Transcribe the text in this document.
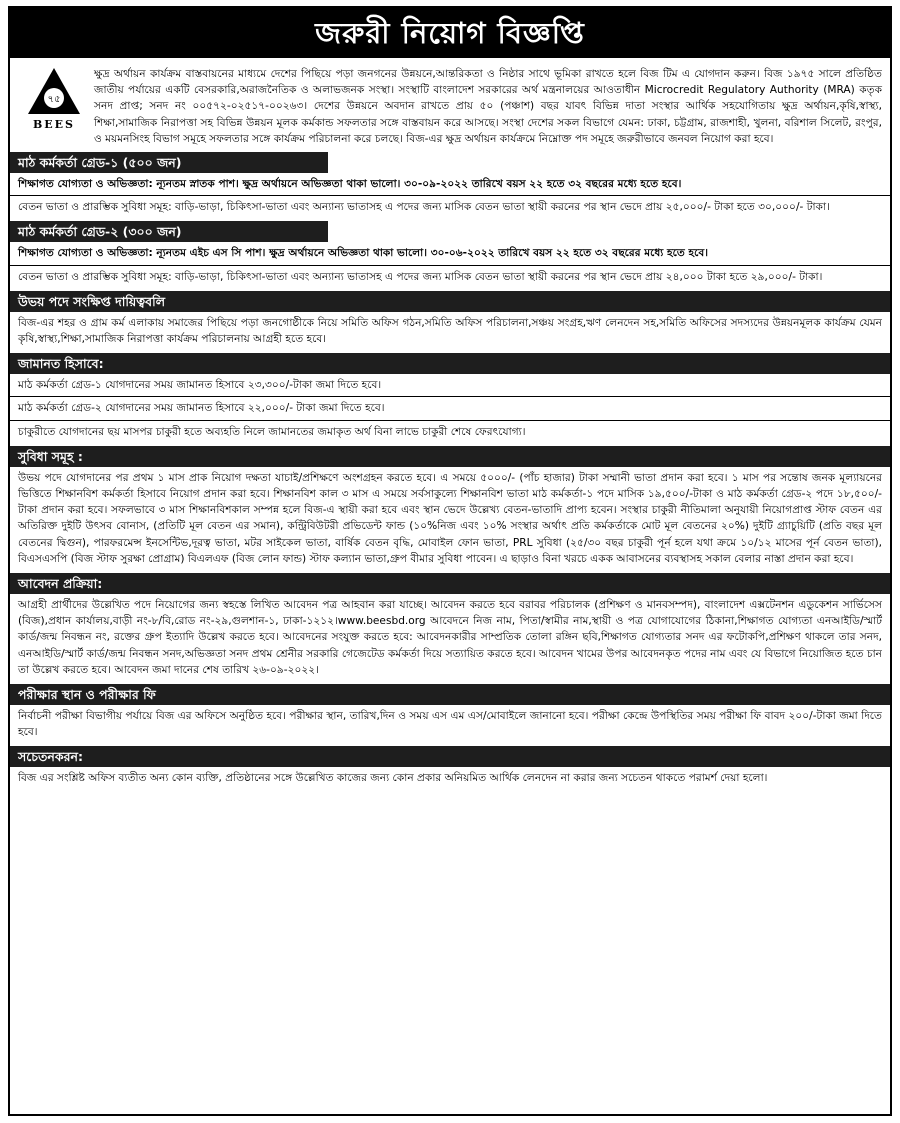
জরুরী নিয়োগ বিজ্ঞপ্তি
৭৫
BEES
ক্ষুদ্র অর্থায়ন কার্যক্রম বাস্তবায়নের মাধ্যমে দেশের পিছিয়ে পড়া জনগনের উন্নয়নে,আন্তরিকতা ও নিষ্ঠার সাথে ভূমিকা রাখতে হলে বিজ টিম এ যোগদান করুন। বিজ ১৯৭৫ সালে প্রতিষ্ঠিত জাতীয় পর্যায়ের একটি বেসরকারি,অরাজনৈতিক ও অলাভজনক সংস্থা। সংস্থাটি বাংলাদেশ সরকারের অর্থ মন্ত্রনালয়ের আওতাধীন Microcredit Regulatory Authority (MRA) কতৃক সনদ প্রাপ্ত; সনদ নং ০০৫৭২-০২৫১৭-০০২৬৩। দেশের উন্নয়নে অবদান রাখতে প্রায় ৫০ (পঞ্চাশ) বছর যাবৎ বিভিন্ন দাতা সংস্থার আর্থিক সহযোগিতায় ক্ষুদ্র অর্থায়ন,কৃষি,স্বাস্থ্য, শিক্ষা,সামাজিক নিরাপত্তা সহ বিভিন্ন উন্নয়ন মূলক কর্মকান্ড সফলতার সঙ্গে বাস্তবায়ন করে আসছে। সংস্থা দেশের সকল বিভাগে যেমন: ঢাকা, চট্টগ্রাম, রাজশাহী, খুলনা, বরিশাল সিলেট, রংপুর, ও ময়মনসিংহ বিভাগ সমূহে সফলতার সঙ্গে কার্যক্রম পরিচালনা করে চলছে। বিজ-এর ক্ষুদ্র অর্থায়ন কার্যক্রমে নিম্নোক্ত পদ সমূহে জরুরীভাবে জনবল নিয়োগ করা হবে।
মাঠ কর্মকর্তা গ্রেড-১ (৫০০ জন)
শিক্ষাগত যোগ্যতা ও অভিজ্ঞতা: ন্যূনতম স্নাতক পাশ। ক্ষুদ্র অর্থায়নে অভিজ্ঞতা থাকা ভালো। ৩০-০৯-২০২২ তারিখে বয়স ২২ হতে ৩২ বছরের মধ্যে হতে হবে।
বেতন ভাতা ও প্রারম্ভিক সুবিধা সমূহ: বাড়ি-ভাড়া, চিকিৎসা-ভাতা এবং অন্যান্য ভাতাসহ এ পদের জন্য মাসিক বেতন ভাতা স্থায়ী করনের পর স্থান ভেদে প্রায় ২৫,০০০/- টাকা হতে ৩০,০০০/- টাকা।
মাঠ কর্মকর্তা গ্রেড-২ (৩০০ জন)
শিক্ষাগত যোগ্যতা ও অভিজ্ঞতা: ন্যূনতম এইচ এস সি পাশ। ক্ষুদ্র অর্থায়নে অভিজ্ঞতা থাকা ভালো। ৩০-০৬-২০২২ তারিখে বয়স ২২ হতে ৩২ বছরের মধ্যে হতে হবে।
বেতন ভাতা ও প্রারম্ভিক সুবিধা সমূহ: বাড়ি-ভাড়া, চিকিৎসা-ভাতা এবং অন্যান্য ভাতাসহ এ পদের জন্য মাসিক বেতন ভাতা স্থায়ী করনের পর স্থান ভেদে প্রায় ২৪,০০০ টাকা হতে ২৯,০০০/- টাকা।
উভয় পদে সংক্ষিপ্ত দায়িত্ববলি
বিজ-এর শহর ও গ্রাম কর্ম এলাকায় সমাজের পিছিয়ে পড়া জনগোষ্ঠীকে নিয়ে সমিতি অফিস গঠন,সমিতি অফিস পরিচালনা,সঞ্চয় সংগ্রহ,ঋণ লেনদেন সহ,সমিতি অফিসের সদস্যদের উন্নয়নমূলক কার্যক্রম যেমন কৃষি,স্বাস্থ্য,শিক্ষা,সামাজিক নিরাপত্তা কার্যক্রম পরিচালনায় আগ্রহী হতে হবে।
জামানত হিসাবে:
মাঠ কর্মকর্তা গ্রেড-১ যোগদানের সময় জামানত হিসাবে ২৩,৩০০/-টাকা জমা দিতে হবে।
মাঠ কর্মকর্তা গ্রেড-২ যোগদানের সময় জামানত হিসাবে ২২,০০০/- টাকা জমা দিতে হবে।
চাকুরীতে যোগদানের ছয় মাসপর চাকুরী হতে অব্যহতি নিলে জামানতের জমাকৃত অর্থ বিনা লাভে চাকুরী শেষে ফেরৎযোগ্য।
সুবিধা সমূহ :
উভয় পদে যোগদানের পর প্রথম ১ মাস প্রাক নিয়োগ দক্ষতা যাচাই/প্রশিক্ষণে অংশগ্রহন করতে হবে। এ সময়ে ৫০০০/- (পাঁচ হাজার) টাকা সম্মানী ভাতা প্রদান করা হবে। ১ মাস পর সন্তোষ জনক মূল্যায়নের ভিত্তিতে শিক্ষানবিশ কর্মকর্তা হিসাবে নিয়োগ প্রদান করা হবে। শিক্ষানবিশ কাল ৩ মাস এ সময়ে সর্বসাকুল্যে শিক্ষানবিশ ভাতা মাঠ কর্মকর্তা-১ পদে মাসিক ১৯,৫০০/-টাকা ও মাঠ কর্মকর্তা গ্রেড-২ পদে ১৮,৫০০/- টাকা প্রদান করা হবে। সফলভাবে ৩ মাস শিক্ষানবিশকাল সম্পন্ন হলে বিজ-এ স্থায়ী করা হবে এবং স্থান ভেদে উল্লেখ্য বেতন-ভাতাদি প্রাপ্য হবেন। সংস্থার চাকুরী নীতিমালা অনুযায়ী নিয়োগপ্রাপ্ত স্টাফ বেতন এর অতিরিক্ত দুইটি উৎসব বোনাস, (প্রতিটি মূল বেতন এর সমান), কন্ট্রিবিউটরী প্রভিডেন্ট ফান্ড (১০%নিজ এবং ১০% সংস্থার অর্থাৎ প্রতি কর্মকর্তাকে মোট মূল বেতনের ২০%) দুইটি গ্র্যাচুয়িটি (প্রতি বছর মূল বেতনের দ্বিগুন), পারফরমেন্স ইনসেন্টিভ,দূরত্ব ভাতা, মটর সাইকেল ভাতা, বার্ষিক বেতন বৃদ্ধি, মোবাইল ফোন ভাতা, PRL সুবিধা (২৫/৩০ বছর চাকুরী পূর্ন হলে যথা ক্রমে ১০/১২ মাসের পূর্ন বেতন ভাতা), বিএসএসপি (বিজ স্টাফ সুরক্ষা প্রোগ্রাম) বিএলএফ (বিজ লোন ফান্ড) স্টাফ কল্যান ভাতা,গ্রুপ বীমার সুবিধা পাবেন। এ ছাড়াও বিনা খরচে একক আবাসনের ব্যবস্থাসহ সকাল বেলার নাস্তা প্রদান করা হবে।
আবেদন প্রক্রিয়া:
আগ্রহী প্রার্থীদের উল্লেখিত পদে নিয়োগের জন্য স্বহস্তে লিখিত আবেদন পত্র আহবান করা যাচ্ছে। আবেদন করতে হবে বরাবর পরিচালক (প্রশিক্ষণ ও মানবসম্পদ), বাংলাদেশ এক্সটেনশন এডুকেশন সার্ভিসেস (বিজ),প্রধান কার্যালয়,বাড়ী নং-৮/বি,রোড নং-২৯,গুলশান-১, ঢাকা-১২১২।www.beesbd.org আবেদনে নিজ নাম, পিতা/স্বামীর নাম,স্থায়ী ও পত্র যোগাযোগের ঠিকানা,শিক্ষাগত যোগ্যতা এনআইডি/স্মার্ট কার্ড/জন্ম নিবন্ধন নং, রক্তের গ্রুপ ইত্যাদি উল্লেখ করতে হবে। আবেদনের সংযুক্ত করতে হবে: আবেদনকারীর সাম্প্রতিক তোলা রঙ্গিন ছবি,শিক্ষাগত যোগ্যতার সনদ এর ফটোকপি,প্রশিক্ষণ থাকলে তার সনদ, এনআইডি/স্মার্ট কার্ড/জন্ম নিবন্ধন সনদ,অভিজ্ঞতা সনদ প্রথম শ্রেনীর সরকারি গেজেটেড কর্মকর্তা দিয়ে সত্যায়িত করতে হবে। আবেদন খামের উপর আবেদনকৃত পদের নাম এবং যে বিভাগে নিয়োজিত হতে চান তা উল্লেখ করতে হবে। আবেদন জমা দানের শেষ তারিখ ২৬-০৯-২০২২।
পরীক্ষার স্থান ও পরীক্ষার ফি
নির্বাচনী পরীক্ষা বিভাগীয় পর্যায়ে বিজ এর অফিসে অনুষ্ঠিত হবে। পরীক্ষার স্থান, তারিখ,দিন ও সময় এস এম এস/মোবাইলে জানানো হবে। পরীক্ষা কেন্দ্রে উপস্থিতির সময় পরীক্ষা ফি বাবদ ২০০/-টাকা জমা দিতে হবে।
সচেতনকরন:
বিজ এর সংশ্লিষ্ট অফিস ব্যতীত অন্য কোন ব্যক্তি, প্রতিষ্ঠানের সঙ্গে উল্লেখিত কাজের জন্য কোন প্রকার অনিয়মিত আর্থিক লেনদেন না করার জন্য সচেতন থাকতে পরামর্শ দেয়া হলো।
